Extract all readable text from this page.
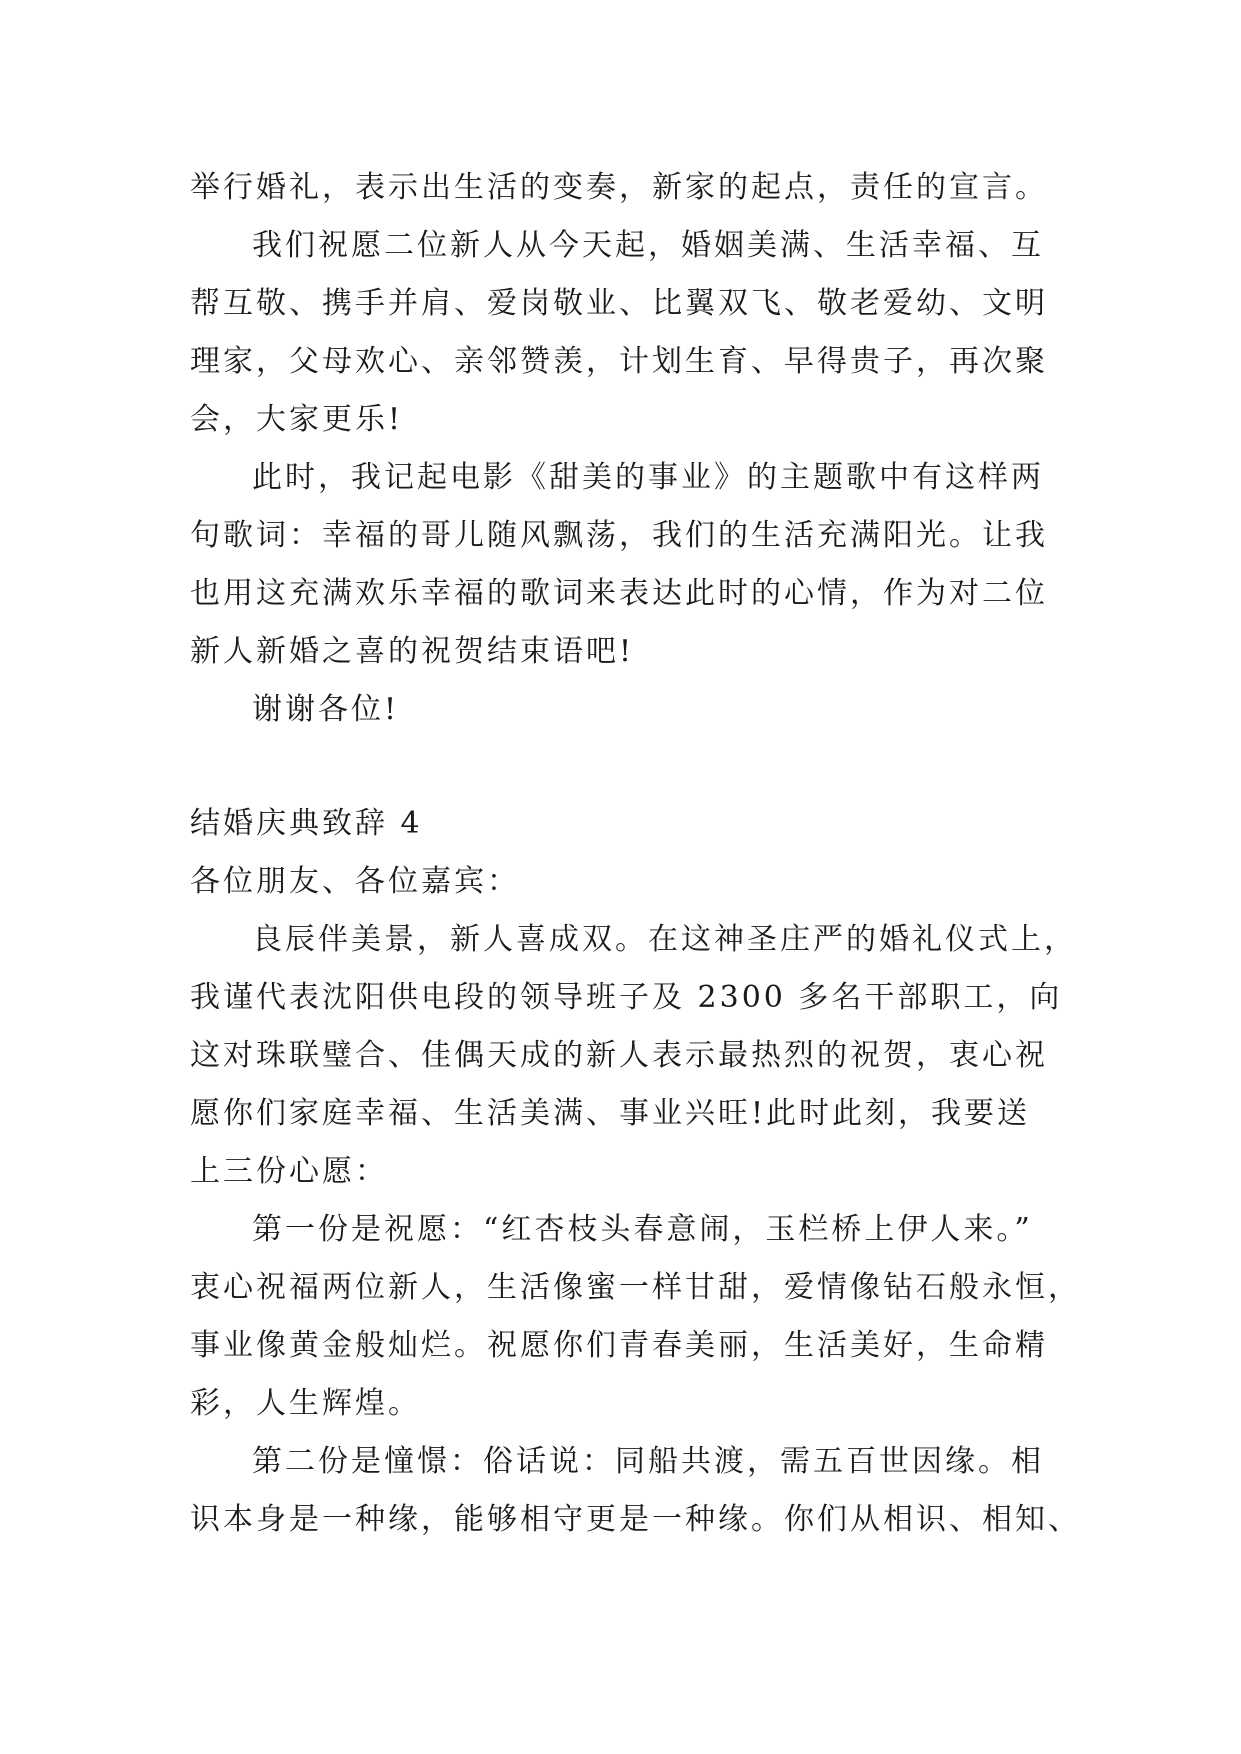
举行婚礼，表示出生活的变奏，新家的起点，责任的宣言。
我们祝愿二位新人从今天起，婚姻美满、生活幸福、互
帮互敬、携手并肩、爱岗敬业、比翼双飞、敬老爱幼、文明
理家，父母欢心、亲邻赞羡，计划生育、早得贵子，再次聚
会，大家更乐!
此时，我记起电影《甜美的事业》的主题歌中有这样两
句歌词：幸福的哥儿随风飘荡，我们的生活充满阳光。让我
也用这充满欢乐幸福的歌词来表达此时的心情，作为对二位
新人新婚之喜的祝贺结束语吧!
谢谢各位!
结婚庆典致辞 4
各位朋友、各位嘉宾：
良辰伴美景，新人喜成双。在这神圣庄严的婚礼仪式上，
我谨代表沈阳供电段的领导班子及 2300 多名干部职工，向
这对珠联璧合、佳偶天成的新人表示最热烈的祝贺，衷心祝
愿你们家庭幸福、生活美满、事业兴旺!此时此刻，我要送
上三份心愿：
第一份是祝愿：“红杏枝头春意闹，玉栏桥上伊人来。”
衷心祝福两位新人，生活像蜜一样甘甜，爱情像钻石般永恒，
事业像黄金般灿烂。祝愿你们青春美丽，生活美好，生命精
彩，人生辉煌。
第二份是憧憬：俗话说：同船共渡，需五百世因缘。相
识本身是一种缘，能够相守更是一种缘。你们从相识、相知、
